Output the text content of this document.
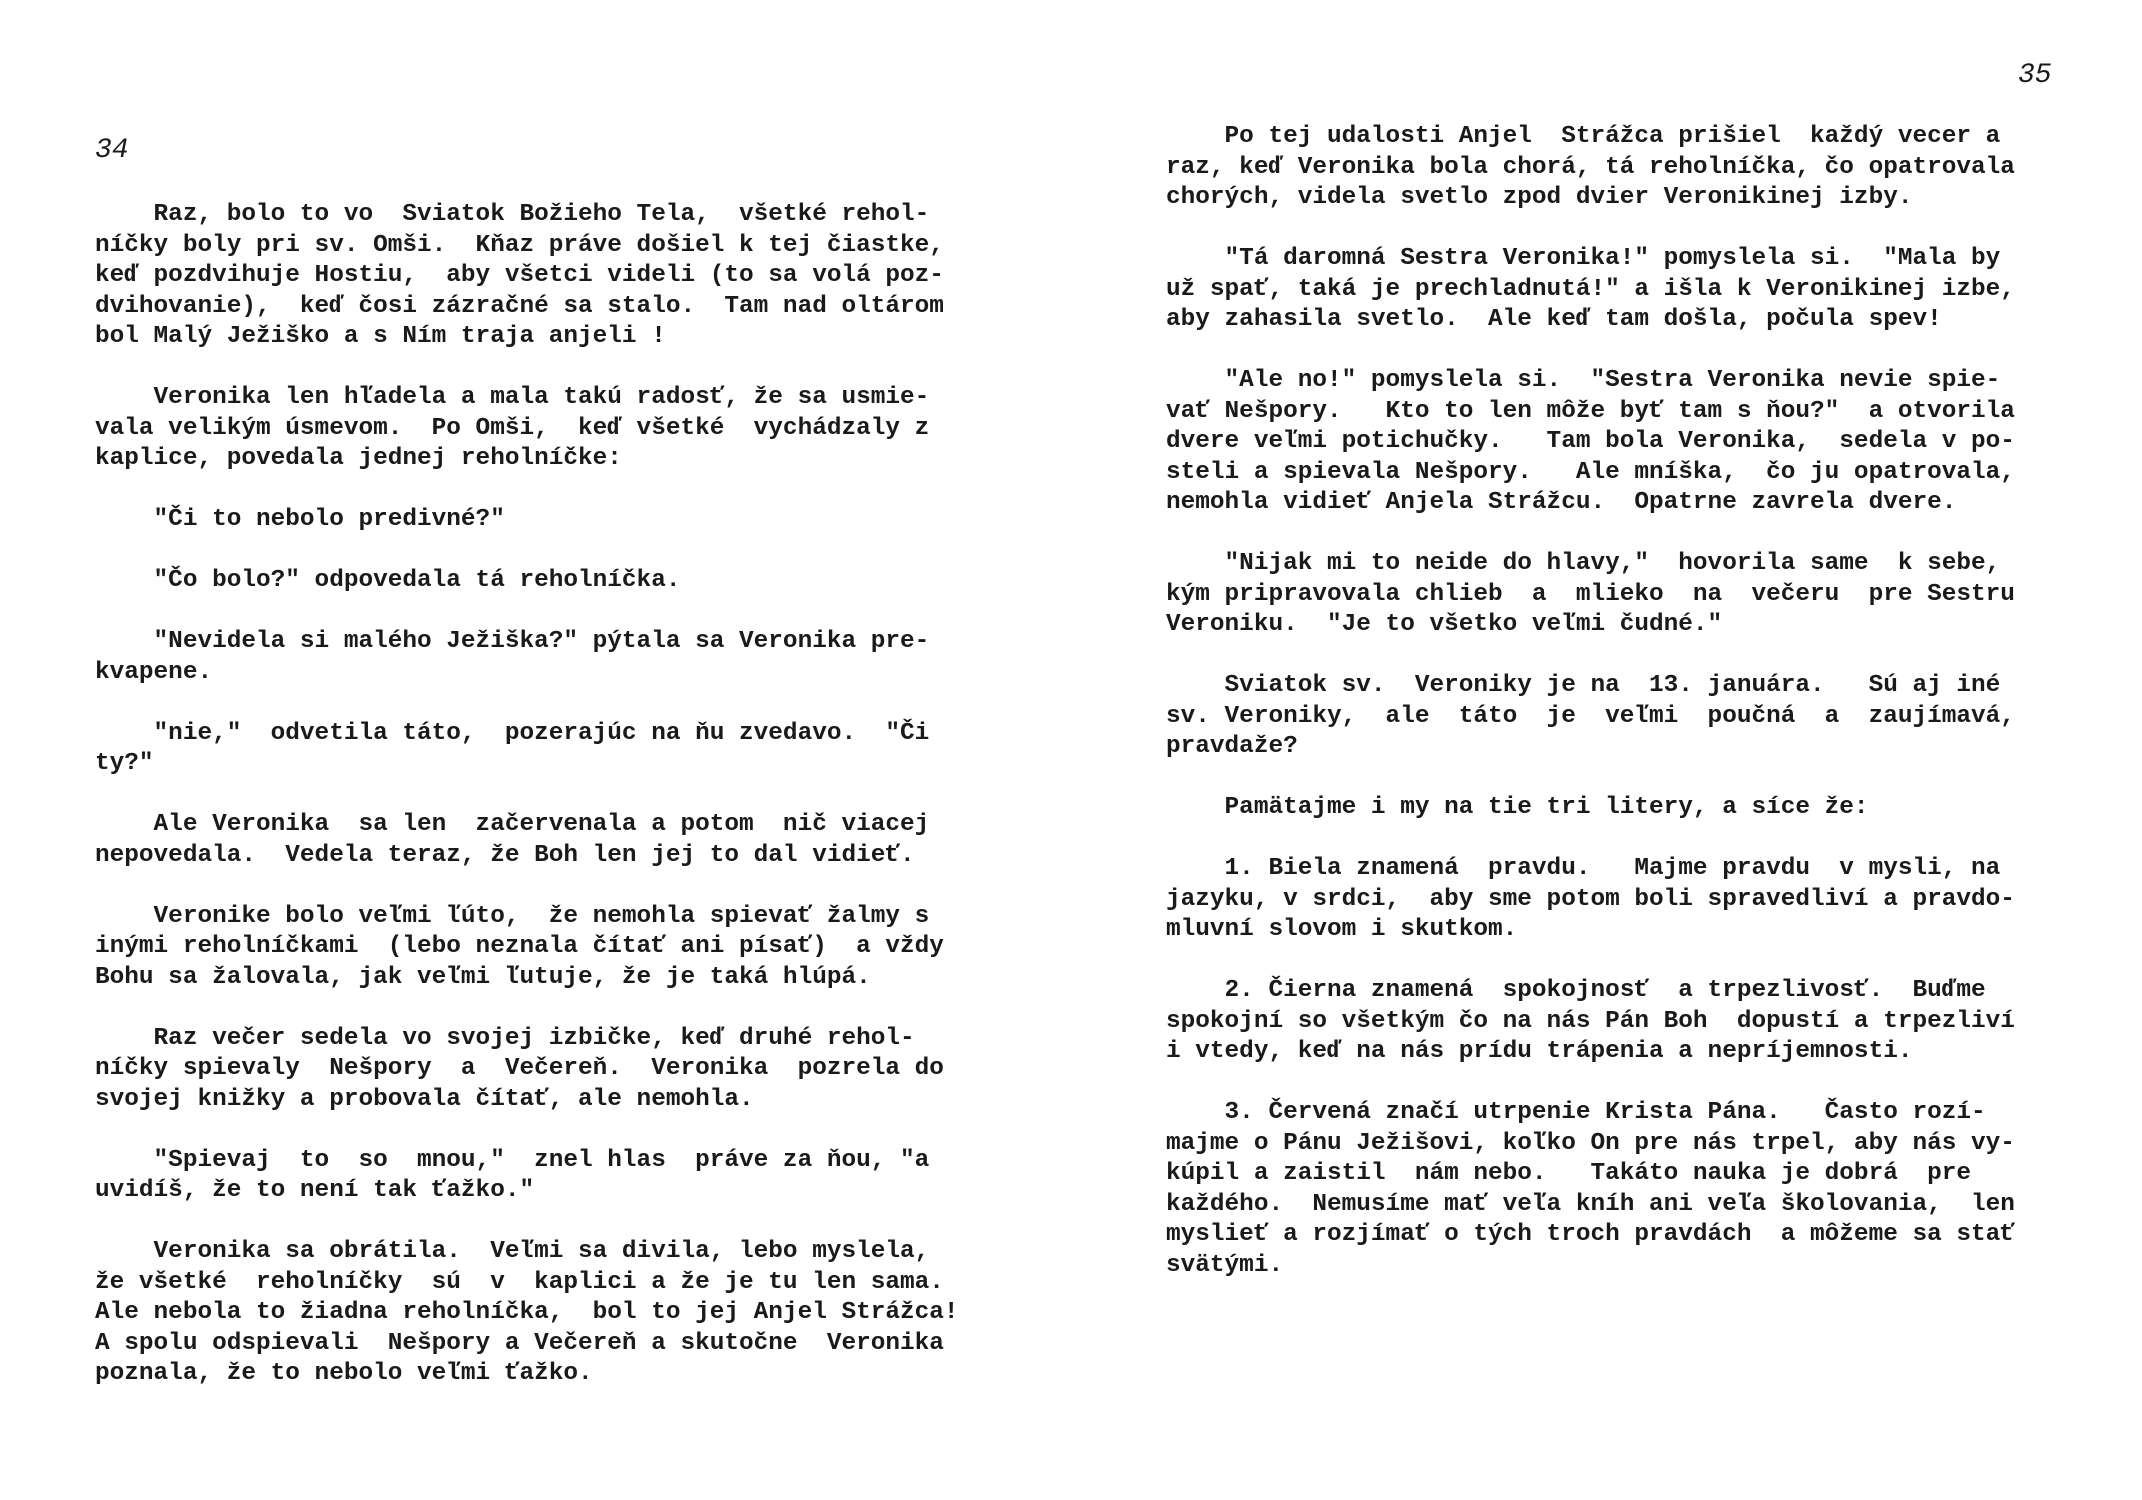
34
Raz, bolo to vo  Sviatok Božieho Tela,  všetké rehol-
níčky boly pri sv. Omši.  Kňaz práve došiel k tej čiastke,
keď pozdvihuje Hostiu,  aby všetci videli (to sa volá poz-
dvihovanie),  keď čosi zázračné sa stalo.  Tam nad oltárom
bol Malý Ježiško a s Ním traja anjeli !
Veronika len hľadela a mala takú radosť, že sa usmie-
vala velikým úsmevom.  Po Omši,  keď všetké  vychádzaly z
kaplice, povedala jednej reholníčke:
"Či to nebolo predivné?"
"Čo bolo?" odpovedala tá reholníčka.
"Nevidela si malého Ježiška?" pýtala sa Veronika pre-
kvapene.
"nie,"  odvetila táto,  pozerajúc na ňu zvedavo.  "Či
ty?"
Ale Veronika  sa len  začervenala a potom  nič viacej
nepovedala.  Vedela teraz, že Boh len jej to dal vidieť.
Veronike bolo veľmi ľúto,  že nemohla spievať žalmy s
inými reholníčkami  (lebo neznala čítať ani písať)  a vždy
Bohu sa žalovala, jak veľmi ľutuje, že je taká hlúpá.
Raz večer sedela vo svojej izbičke, keď druhé rehol-
níčky spievaly  Nešpory  a  Večereň.  Veronika  pozrela do
svojej knižky a probovala čítať, ale nemohla.
"Spievaj  to  so  mnou,"  znel hlas  práve za ňou, "a
uvidíš, že to není tak ťažko."
Veronika sa obrátila.  Veľmi sa divila, lebo myslela,
že všetké  reholníčky  sú  v  kaplici a že je tu len sama.
Ale nebola to žiadna reholníčka,  bol to jej Anjel Strážca!
A spolu odspievali  Nešpory a Večereň a skutočne  Veronika
poznala, že to nebolo veľmi ťažko.
35
Po tej udalosti Anjel  Strážca prišiel  každý vecer a
raz, keď Veronika bola chorá, tá reholníčka, čo opatrovala
chorých, videla svetlo zpod dvier Veronikinej izby.
"Tá daromná Sestra Veronika!" pomyslela si.  "Mala by
už spať, taká je prechladnutá!" a išla k Veronikinej izbe,
aby zahasila svetlo.  Ale keď tam došla, počula spev!
"Ale no!" pomyslela si.  "Sestra Veronika nevie spie-
vať Nešpory.   Kto to len môže byť tam s ňou?"  a otvorila
dvere veľmi potichučky.   Tam bola Veronika,  sedela v po-
steli a spievala Nešpory.   Ale mníška,  čo ju opatrovala,
nemohla vidieť Anjela Strážcu.  Opatrne zavrela dvere.
"Nijak mi to neide do hlavy,"  hovorila same  k sebe,
kým pripravovala chlieb  a  mlieko  na  večeru  pre Sestru
Veroniku.  "Je to všetko veľmi čudné."
Sviatok sv.  Veroniky je na  13. januára.   Sú aj iné
sv. Veroniky,  ale  táto  je  veľmi  poučná  a  zaujímavá,
pravdaže?
Pamätajme i my na tie tri litery, a síce že:
1. Biela znamená  pravdu.   Majme pravdu  v mysli, na
jazyku, v srdci,  aby sme potom boli spravedliví a pravdo-
mluvní slovom i skutkom.
2. Čierna znamená  spokojnosť  a trpezlivosť.  Buďme
spokojní so všetkým čo na nás Pán Boh  dopustí a trpezliví
i vtedy, keď na nás prídu trápenia a nepríjemnosti.
3. Červená značí utrpenie Krista Pána.   Často rozí-
majme o Pánu Ježišovi, koľko On pre nás trpel, aby nás vy-
kúpil a zaistil  nám nebo.   Takáto nauka je dobrá  pre
každého.  Nemusíme mať veľa kníh ani veľa školovania,  len
myslieť a rozjímať o tých troch pravdách  a môžeme sa stať
svätými.
